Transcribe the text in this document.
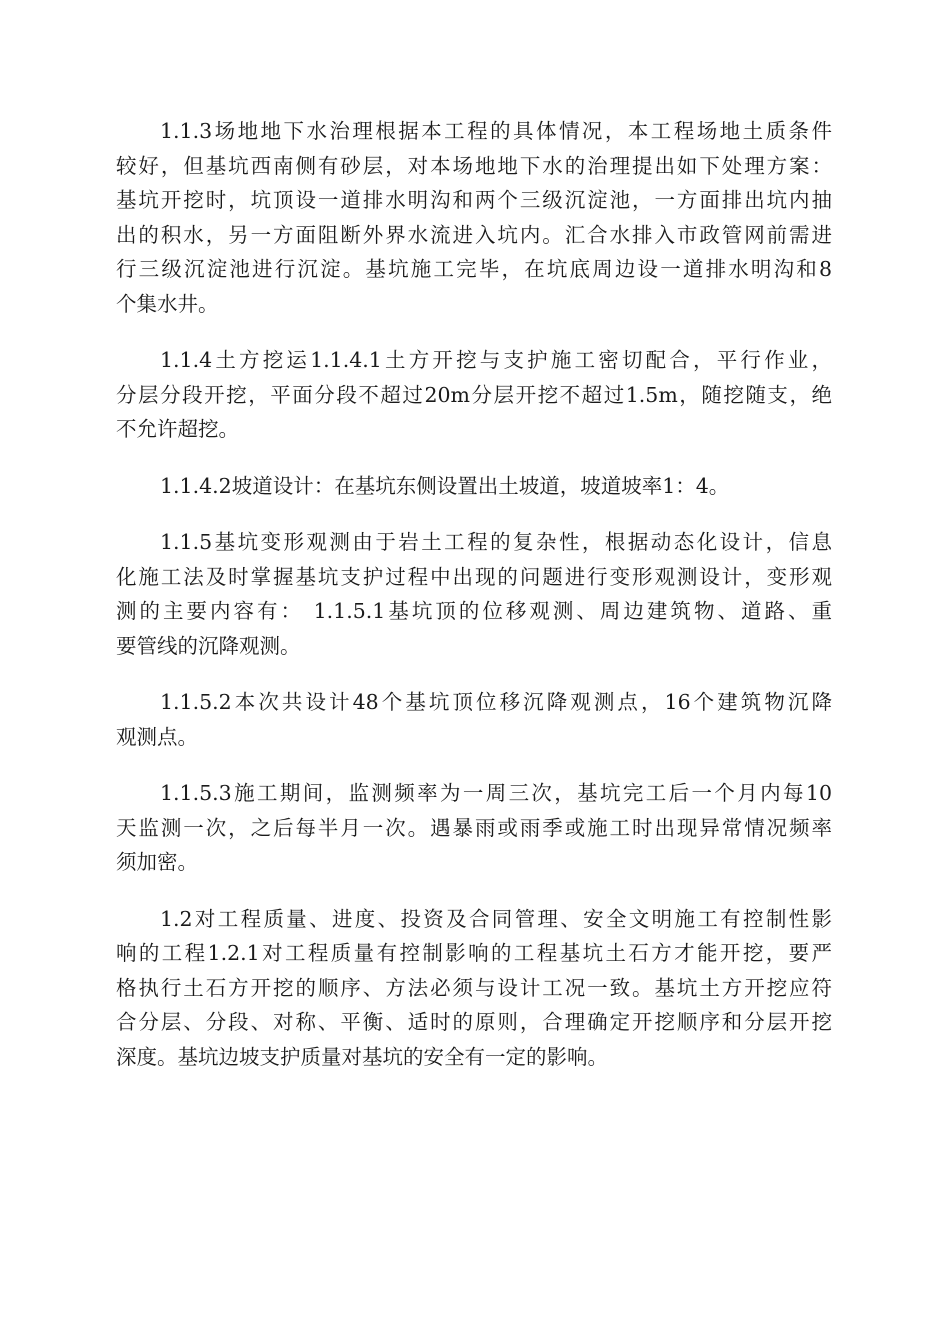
1.1.3场地地下水治理根据本工程的具体情况，本工程场地土质条件
较好，但基坑西南侧有砂层，对本场地地下水的治理提出如下处理方案：
基坑开挖时，坑顶设一道排水明沟和两个三级沉淀池，一方面排出坑内抽
出的积水，另一方面阻断外界水流进入坑内。汇合水排入市政管网前需进
行三级沉淀池进行沉淀。基坑施工完毕，在坑底周边设一道排水明沟和8
个集水井。

1.1.4土方挖运1.1.4.1土方开挖与支护施工密切配合，平行作业，
分层分段开挖，平面分段不超过20m分层开挖不超过1.5m，随挖随支，绝
不允许超挖。

1.1.4.2坡道设计：在基坑东侧设置出土坡道，坡道坡率1：4。

1.1.5基坑变形观测由于岩土工程的复杂性，根据动态化设计，信息
化施工法及时掌握基坑支护过程中出现的问题进行变形观测设计，变形观
测的主要内容有： 1.1.5.1基坑顶的位移观测、周边建筑物、道路、重
要管线的沉降观测。

1.1.5.2本次共设计48个基坑顶位移沉降观测点，16个建筑物沉降
观测点。

1.1.5.3施工期间，监测频率为一周三次，基坑完工后一个月内每10
天监测一次，之后每半月一次。遇暴雨或雨季或施工时出现异常情况频率
须加密。

1.2对工程质量、进度、投资及合同管理、安全文明施工有控制性影
响的工程1.2.1对工程质量有控制影响的工程基坑土石方才能开挖，要严
格执行土石方开挖的顺序、方法必须与设计工况一致。基坑土方开挖应符
合分层、分段、对称、平衡、适时的原则，合理确定开挖顺序和分层开挖
深度。基坑边坡支护质量对基坑的安全有一定的影响。
